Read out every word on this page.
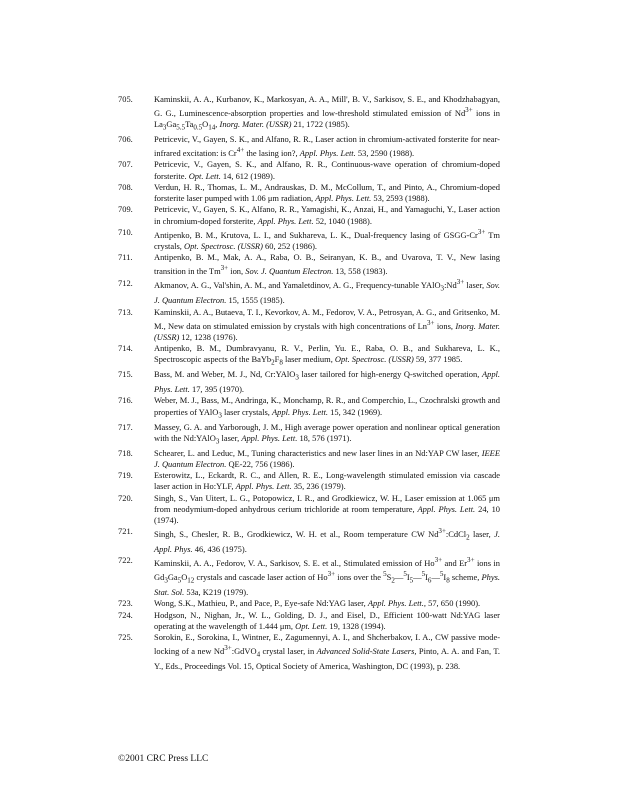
705.	Kaminskii, A. A., Kurbanov, K., Markosyan, A. A., Mill', B. V., Sarkisov, S. E., and Khodzhabagyan, G. G., Luminescence-absorption properties and low-threshold stimulated emission of $Nd^{3+}$ ions in $La_3Ga_{5.5}Ta_{0.5}O_{14}$, Inorg. Mater. (USSR) 21, 1722 (1985).
706.	Petricevic, V., Gayen, S. K., and Alfano, R. R., Laser action in chromium-activated forsterite for near-infrared excitation: is $Cr^{4+}$ the lasing ion?, Appl. Phys. Lett. 53, 2590 (1988).
707.	Petricevic, V., Gayen, S. K., and Alfano, R. R., Continuous-wave operation of chromium-doped forsterite. Opt. Lett. 14, 612 (1989).
708.	Verdun, H. R., Thomas, L. M., Andrauskas, D. M., McCollum, T., and Pinto, A., Chromium-doped forsterite laser pumped with 1.06 μm radiation, Appl. Phys. Lett. 53, 2593 (1988).
709.	Petricevic, V., Gayen, S. K., Alfano, R. R., Yamagishi, K., Anzai, H., and Yamaguchi, Y., Laser action in chromium-doped forsterite, Appl. Phys. Lett. 52, 1040 (1988).
710.	Antipenko, B. M., Krutova, L. I., and Sukhareva, L. K., Dual-frequency lasing of GSGG-$Cr^{3+}$ Tm crystals, Opt. Spectrosc. (USSR) 60, 252 (1986).
711.	Antipenko, B. M., Mak, A. A., Raba, O. B., Seiranyan, K. B., and Uvarova, T. V., New lasing transition in the $Tm^{3+}$ ion, Sov. J. Quantum Electron. 13, 558 (1983).
712.	Akmanov, A. G., Val'shin, A. M., and Yamaletdinov, A. G., Frequency-tunable $YAlO_3:Nd^{3+}$ laser, Sov. J. Quantum Electron. 15, 1555 (1985).
713.	Kaminskii, A. A., Butaeva, T. I., Kevorkov, A. M., Fedorov, V. A., Petrosyan, A. G., and Gritsenko, M. M., New data on stimulated emission by crystals with high concentrations of $Ln^{3+}$ ions, Inorg. Mater. (USSR) 12, 1238 (1976).
714.	Antipenko, B. M., Dumbravyanu, R. V., Perlin, Yu. E., Raba, O. B., and Sukhareva, L. K., Spectroscopic aspects of the $BaYb_2F_8$ laser medium, Opt. Spectrosc. (USSR) 59, 377 1985.
715.	Bass, M. and Weber, M. J., Nd, Cr:YAlO$_3$ laser tailored for high-energy Q-switched operation, Appl. Phys. Lett. 17, 395 (1970).
716.	Weber, M. J., Bass, M., Andringa, K., Monchamp, R. R., and Comperchio, L., Czochralski growth and properties of YAlO$_3$ laser crystals, Appl. Phys. Lett. 15, 342 (1969).
717.	Massey, G. A. and Yarborough, J. M., High average power operation and nonlinear optical generation with the Nd:YAlO$_3$ laser, Appl. Phys. Lett. 18, 576 (1971).
718.	Schearer, L. and Leduc, M., Tuning characteristics and new laser lines in an Nd:YAP CW laser, IEEE J. Quantum Electron. QE-22, 756 (1986).
719.	Esterowitz, L., Eckardt, R. C., and Allen, R. E., Long-wavelength stimulated emission via cascade laser action in Ho:YLF, Appl. Phys. Lett. 35, 236 (1979).
720.	Singh, S., Van Uitert, L. G., Potopowicz, I. R., and Grodkiewicz, W. H., Laser emission at 1.065 μm from neodymium-doped anhydrous cerium trichloride at room temperature, Appl. Phys. Lett. 24, 10 (1974).
721.	Singh, S., Chesler, R. B., Grodkiewicz, W. H. et al., Room temperature CW $Nd^{3+}:CdCl_2$ laser, J. Appl. Phys. 46, 436 (1975).
722.	Kaminskii, A. A., Fedorov, V. A., Sarkisov, S. E. et al., Stimulated emission of $Ho^{3+}$ and $Er^{3+}$ ions in $Gd_3Ga_5O_{12}$ crystals and cascade laser action of $Ho^{3+}$ ions over the $^5S_2—^5I_5—^5I_6—^5I_8$ scheme, Phys. Stat. Sol. 53a, K219 (1979).
723.	Wong, S.K., Mathieu, P., and Pace, P., Eye-safe Nd:YAG laser, Appl. Phys. Lett., 57, 650 (1990).
724.	Hodgson, N., Nighan, Jr., W. L., Golding, D. J., and Eisel, D., Efficient 100-watt Nd:YAG laser operating at the wavelength of 1.444 μm, Opt. Lett. 19, 1328 (1994).
725.	Sorokin, E., Sorokina, I., Wintner, E., Zagumennyi, A. I., and Shcherbakov, I. A., CW passive mode-locking of a new $Nd^{3+}:GdVO_4$ crystal laser, in Advanced Solid-State Lasers, Pinto, A. A. and Fan, T. Y., Eds., Proceedings Vol. 15, Optical Society of America, Washington, DC (1993), p. 238.
©2001 CRC Press LLC
